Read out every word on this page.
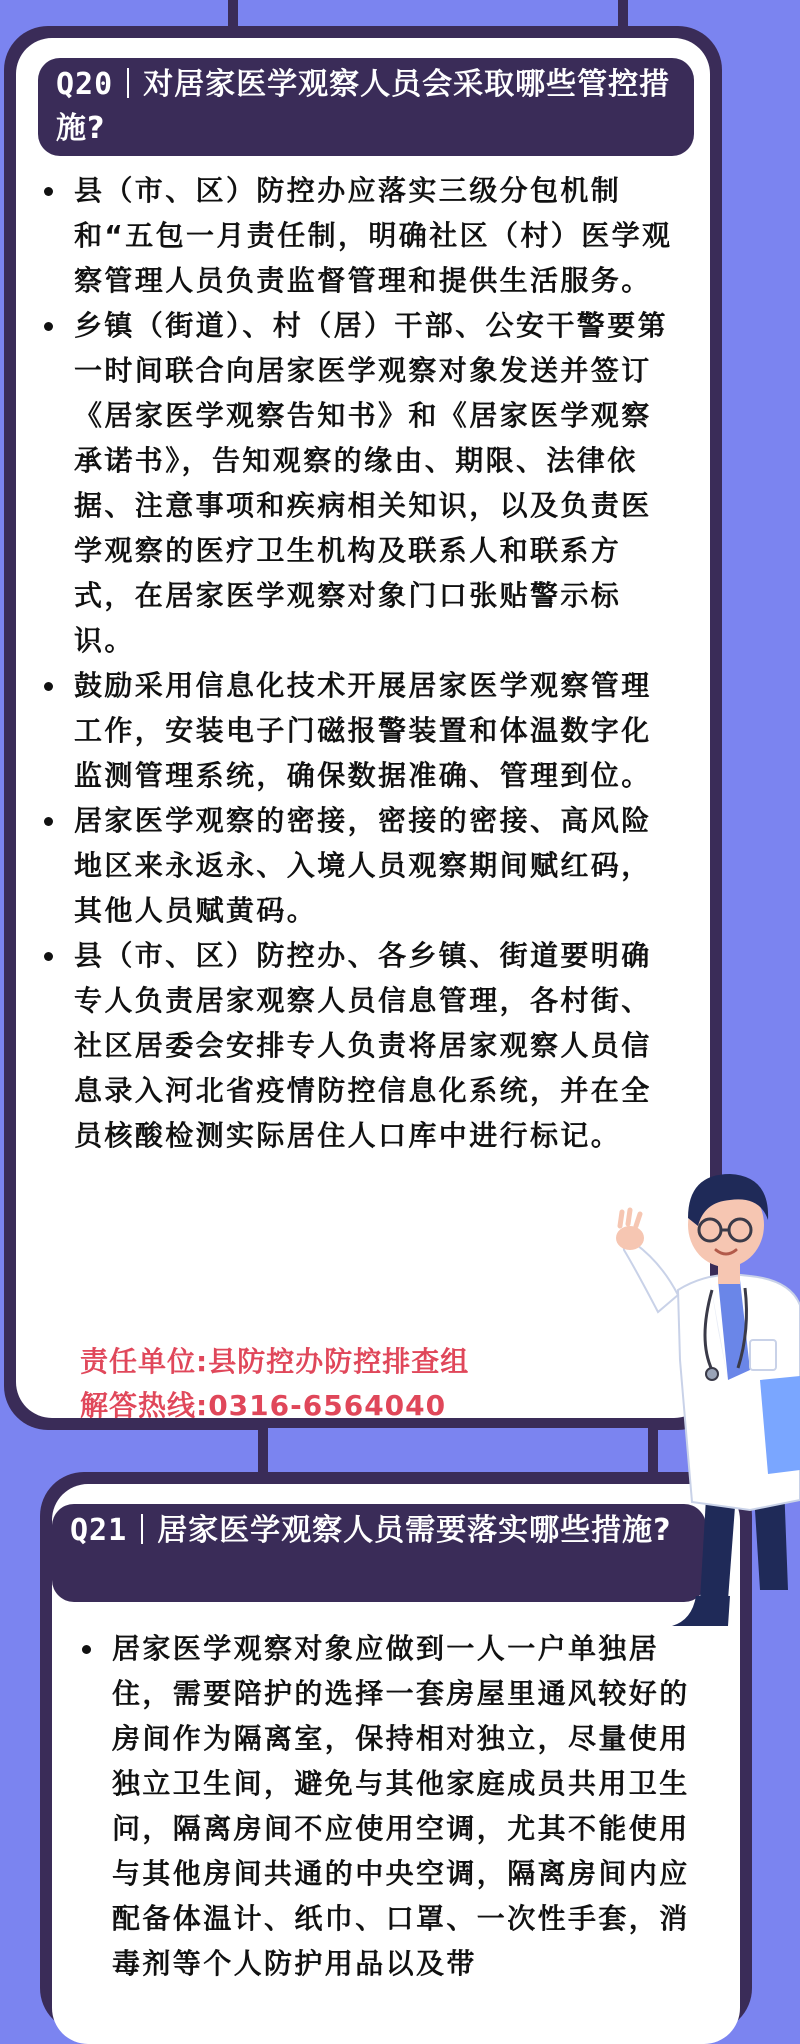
Q20 对居家医学观察人员会采取哪些管控措施?
县（市、区）防控办应落实三级分包机制和“五包一月责任制，明确社区（村）医学观察管理人员负责监督管理和提供生活服务。
乡镇（街道）、村（居）干部、公安干警要第一时间联合向居家医学观察对象发送并签订《居家医学观察告知书》和《居家医学观察承诺书》，告知观察的缘由、期限、法律依据、注意事项和疾病相关知识，以及负责医学观察的医疗卫生机构及联系人和联系方式，在居家医学观察对象门口张贴警示标识。
鼓励采用信息化技术开展居家医学观察管理工作，安装电子门磁报警装置和体温数字化监测管理系统，确保数据准确、管理到位。
居家医学观察的密接，密接的密接、高风险地区来永返永、入境人员观察期间赋红码，其他人员赋黄码。
县（市、区）防控办、各乡镇、街道要明确专人负责居家观察人员信息管理，各村街、社区居委会安排专人负责将居家观察人员信息录入河北省疫情防控信息化系统，并在全员核酸检测实际居住人口库中进行标记。
责任单位:县防控办防控排查组
解答热线:0316-6564040
Q21 居家医学观察人员需要落实哪些措施?
居家医学观察对象应做到一人一户单独居住，需要陪护的选择一套房屋里通风较好的房间作为隔离室，保持相对独立，尽量使用独立卫生间，避免与其他家庭成员共用卫生问，隔离房间不应使用空调，尤其不能使用与其他房间共通的中央空调，隔离房间内应配备体温计、纸巾、口罩、一次性手套，消毒剂等个人防护用品以及带
